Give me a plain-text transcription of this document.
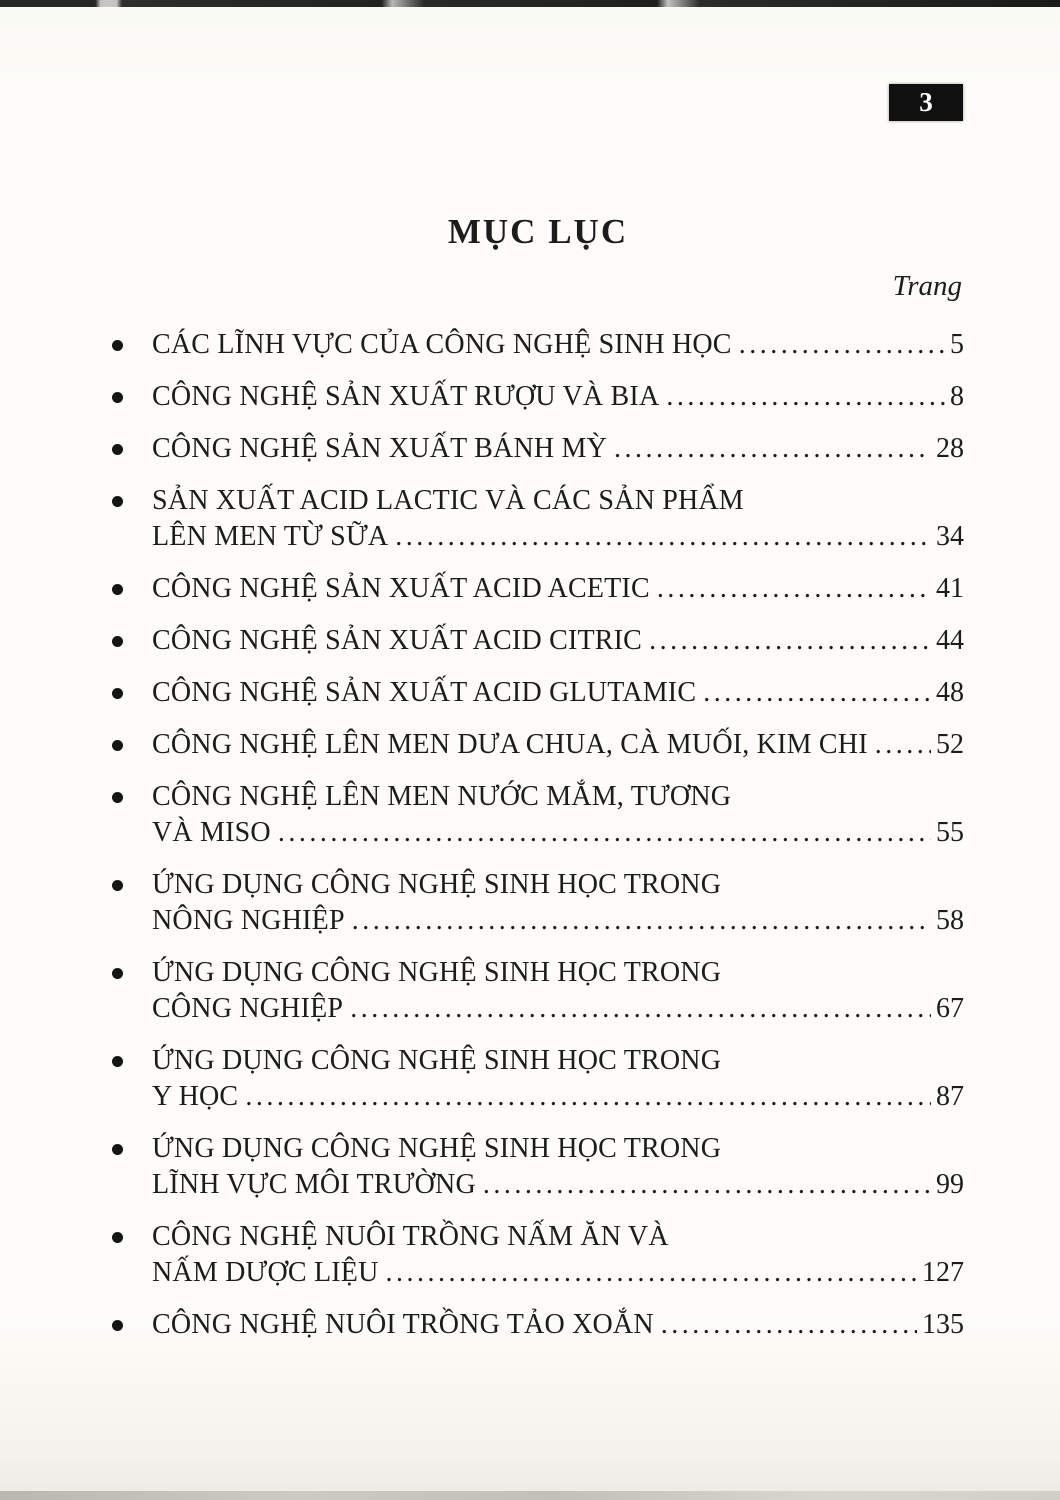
3
MỤC LỤC
Trang
CÁC LĨNH VỰC CỦA CÔNG NGHỆ SINH HỌC .....	5
CÔNG NGHỆ SẢN XUẤT RƯỢU VÀ BIA .....	8
CÔNG NGHỆ SẢN XUẤT BÁNH MỲ .....	28
SẢN XUẤT ACID LACTIC VÀ CÁC SẢN PHẨM
LÊN MEN TỪ SỮA .....	34
CÔNG NGHỆ SẢN XUẤT ACID ACETIC .....	41
CÔNG NGHỆ SẢN XUẤT ACID CITRIC .....	44
CÔNG NGHỆ SẢN XUẤT ACID GLUTAMIC .....	48
CÔNG NGHỆ LÊN MEN DƯA CHUA, CÀ MUỐI, KIM CHI ..... 52
CÔNG NGHỆ LÊN MEN NƯỚC MẮM, TƯƠNG
VÀ MISO .....	55
ỨNG DỤNG CÔNG NGHỆ SINH HỌC TRONG
NÔNG NGHIỆP .....	58
ỨNG DỤNG CÔNG NGHỆ SINH HỌC TRONG
CÔNG NGHIỆP .....	67
ỨNG DỤNG CÔNG NGHỆ SINH HỌC TRONG
Y HỌC .....	87
ỨNG DỤNG CÔNG NGHỆ SINH HỌC TRONG
LĨNH VỰC MÔI TRƯỜNG .....	99
CÔNG NGHỆ NUÔI TRỒNG NẤM ĂN VÀ
NẤM DƯỢC LIỆU .....	127
CÔNG NGHỆ NUÔI TRỒNG TẢO XOẮN .....	135
